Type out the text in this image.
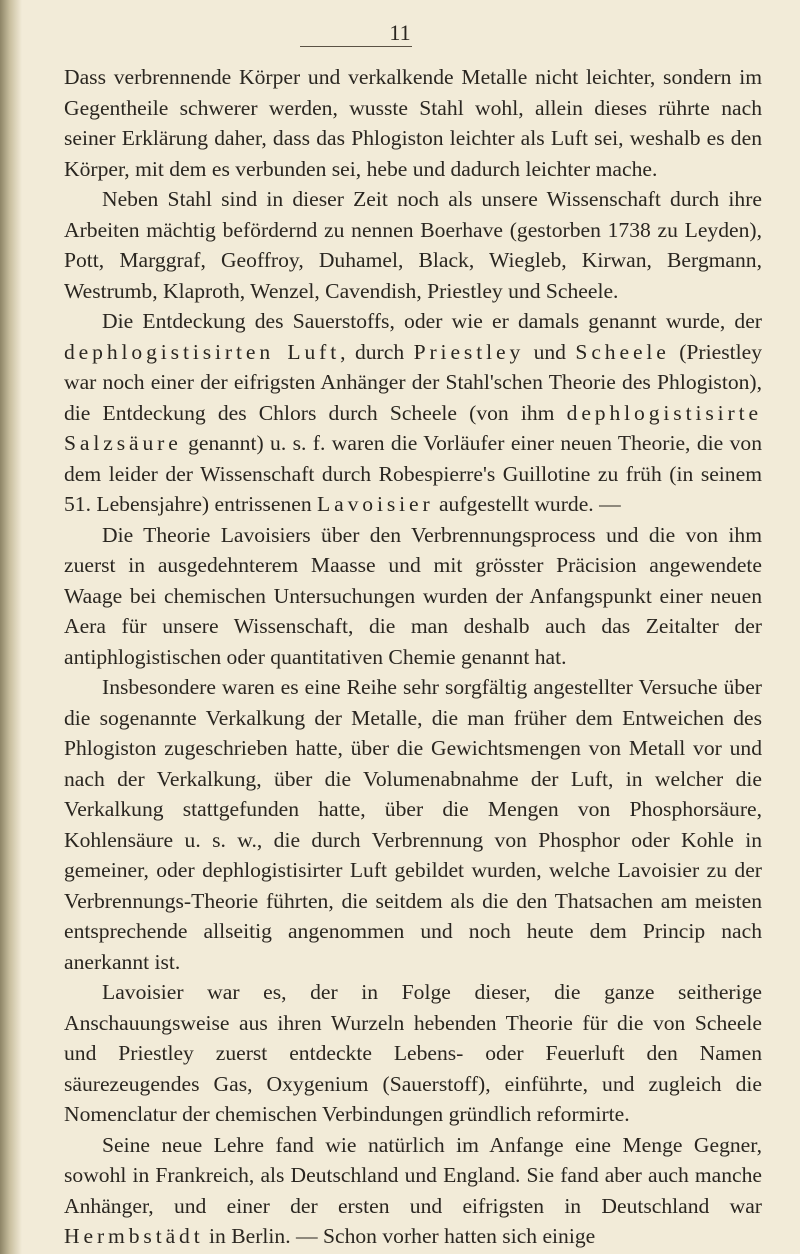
11

Dass verbrennende Körper und verkalkende Metalle nicht leichter, sondern im Gegentheile schwerer werden, wusste Stahl wohl, allein dieses rührte nach seiner Erklärung daher, dass das Phlogiston leichter als Luft sei, weshalb es den Körper, mit dem es verbunden sei, hebe und dadurch leichter mache.

Neben Stahl sind in dieser Zeit noch als unsere Wissenschaft durch ihre Arbeiten mächtig befördernd zu nennen Boerhave (gestorben 1738 zu Leyden), Pott, Marggraf, Geoffroy, Duhamel, Black, Wiegleb, Kirwan, Bergmann, Westrumb, Klaproth, Wenzel, Cavendish, Priestley und Scheele.

Die Entdeckung des Sauerstoffs, oder wie er damals genannt wurde, der dephlogistisirten Luft, durch Priestley und Scheele (Priestley war noch einer der eifrigsten Anhänger der Stahl'schen Theorie des Phlogiston), die Entdeckung des Chlors durch Scheele (von ihm dephlogistisirte Salzsäure genannt) u. s. f. waren die Vorläufer einer neuen Theorie, die von dem leider der Wissenschaft durch Robespierre's Guillotine zu früh (in seinem 51. Lebensjahre) entrissenen Lavoisier aufgestellt wurde. —

Die Theorie Lavoisiers über den Verbrennungsprocess und die von ihm zuerst in ausgedehnterem Maasse und mit grösster Präcision angewendete Waage bei chemischen Untersuchungen wurden der Anfangspunkt einer neuen Aera für unsere Wissenschaft, die man deshalb auch das Zeitalter der antiphlogistischen oder quantitativen Chemie genannt hat.

Insbesondere waren es eine Reihe sehr sorgfältig angestellter Versuche über die sogenannte Verkalkung der Metalle, die man früher dem Entweichen des Phlogiston zugeschrieben hatte, über die Gewichtsmengen von Metall vor und nach der Verkalkung, über die Volumenabnahme der Luft, in welcher die Verkalkung stattgefunden hatte, über die Mengen von Phosphorsäure, Kohlensäure u. s. w., die durch Verbrennung von Phosphor oder Kohle in gemeiner, oder dephlogistisirter Luft gebildet wurden, welche Lavoisier zu der Verbrennungs-Theorie führten, die seitdem als die den Thatsachen am meisten entsprechende allseitig angenommen und noch heute dem Princip nach anerkannt ist.

Lavoisier war es, der in Folge dieser, die ganze seitherige Anschauungsweise aus ihren Wurzeln hebenden Theorie für die von Scheele und Priestley zuerst entdeckte Lebens- oder Feuerluft den Namen säurezeugendes Gas, Oxygenium (Sauerstoff), einführte, und zugleich die Nomenclatur der chemischen Verbindungen gründlich reformirte.

Seine neue Lehre fand wie natürlich im Anfange eine Menge Gegner, sowohl in Frankreich, als Deutschland und England. Sie fand aber auch manche Anhänger, und einer der ersten und eifrigsten in Deutschland war Hermbstädt in Berlin. — Schon vorher hatten sich einige
